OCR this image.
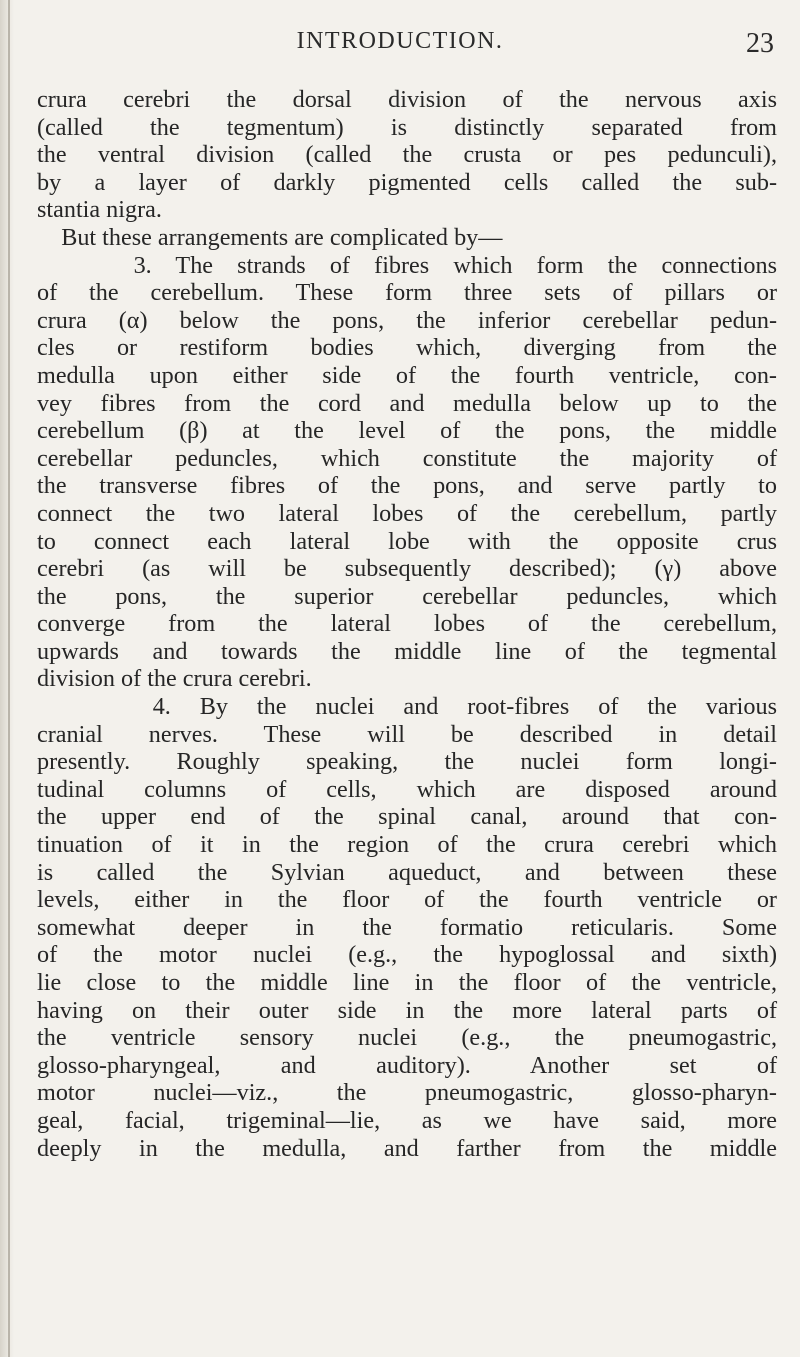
INTRODUCTION.	23
crura cerebri the dorsal division of the nervous axis
(called the tegmentum) is distinctly separated from
the ventral division (called the crusta or pes pedunculi),
by a layer of darkly pigmented cells called the sub-
stantia nigra.
But these arrangements are complicated by—
3. The strands of fibres which form the connections
of the cerebellum. These form three sets of pillars or
crura (α) below the pons, the inferior cerebellar pedun-
cles or restiform bodies which, diverging from the
medulla upon either side of the fourth ventricle, con-
vey fibres from the cord and medulla below up to the
cerebellum (β) at the level of the pons, the middle
cerebellar peduncles, which constitute the majority of
the transverse fibres of the pons, and serve partly to
connect the two lateral lobes of the cerebellum, partly
to connect each lateral lobe with the opposite crus
cerebri (as will be subsequently described); (γ) above
the pons, the superior cerebellar peduncles, which
converge from the lateral lobes of the cerebellum,
upwards and towards the middle line of the tegmental
division of the crura cerebri.
4. By the nuclei and root-fibres of the various
cranial nerves. These will be described in detail
presently. Roughly speaking, the nuclei form longi-
tudinal columns of cells, which are disposed around
the upper end of the spinal canal, around that con-
tinuation of it in the region of the crura cerebri which
is called the Sylvian aqueduct, and between these
levels, either in the floor of the fourth ventricle or
somewhat deeper in the formatio reticularis. Some
of the motor nuclei (e.g., the hypoglossal and sixth)
lie close to the middle line in the floor of the ventricle,
having on their outer side in the more lateral parts of
the ventricle sensory nuclei (e.g., the pneumogastric,
glosso-pharyngeal, and auditory). Another set of
motor nuclei—viz., the pneumogastric, glosso-pharyn-
geal, facial, trigeminal—lie, as we have said, more
deeply in the medulla, and farther from the middle
